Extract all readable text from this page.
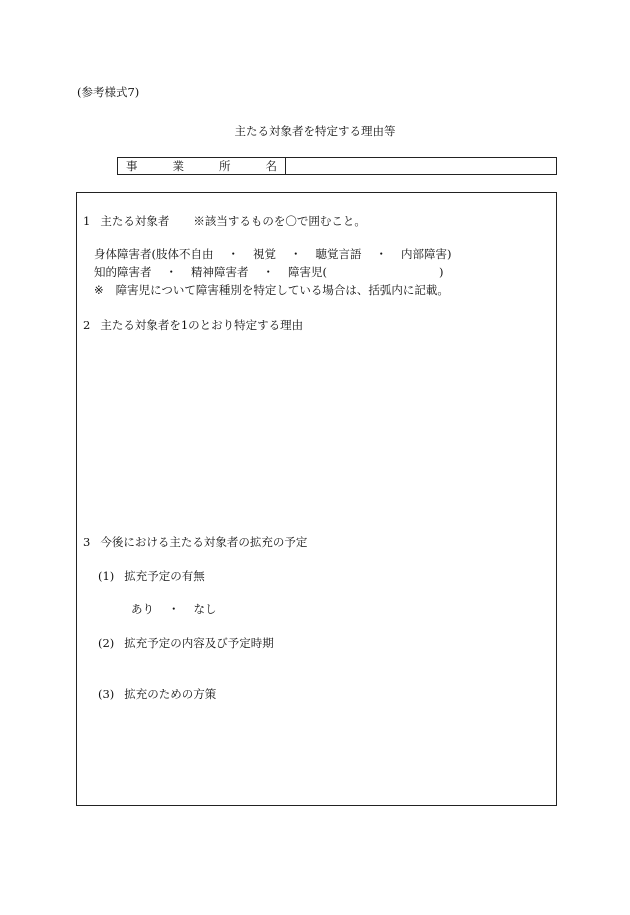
(参考様式7)
主たる対象者を特定する理由等
事	業	所	名
1 主たる対象者 ※該当するものを〇で囲むこと。
身体障害者(肢体不自由 ・ 視覚 ・ 聴覚言語 ・ 内部障害)
知的障害者 ・ 精神障害者 ・ 障害児(	)
※ 障害児について障害種別を特定している場合は、括弧内に記載。
2 主たる対象者を1のとおり特定する理由
3 今後における主たる対象者の拡充の予定
(1) 拡充予定の有無
あり ・ なし
(2) 拡充予定の内容及び予定時期
(3) 拡充のための方策
